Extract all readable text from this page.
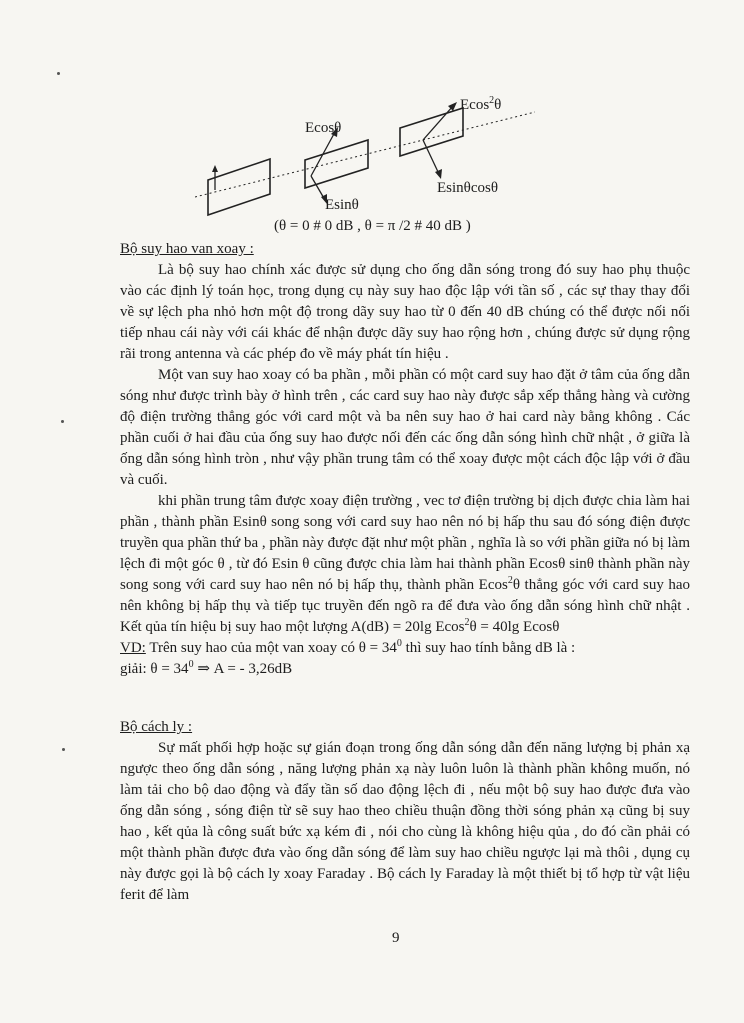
Ecosθ
Esinθ
Ecos$^2$θ
Esinθcosθ
(θ = 0 # 0 dB , θ = π /2 # 40 dB )

Bộ suy hao van xoay :

Là bộ suy hao chính xác được sử dụng cho ống dẫn sóng trong đó suy hao phụ thuộc vào các định lý toán học, trong dụng cụ này suy hao độc lập với tần số , các sự thay thay đổi về sự lệch pha nhỏ hơn một độ trong dãy suy hao từ 0 đến 40 dB chúng có thể được nối nối tiếp nhau cái này với cái khác để nhận được dãy suy hao rộng hơn , chúng được sử dụng rộng rãi trong antenna và các phép đo về máy phát tín hiệu .

Một van suy hao xoay có ba phần , mỗi phần có một card suy hao đặt ở tâm của ống dẫn sóng như được trình bày ở hình trên , các card suy hao này được sắp xếp thẳng hàng và cường độ điện trường thẳng góc với card một và ba nên suy hao ở hai card này bằng không . Các phần cuối ở hai đầu của ống suy hao được nối đến các ống dẫn sóng hình chữ nhật , ở giữa là ống dẫn sóng hình tròn , như vậy phần trung tâm có thể xoay được một cách độc lập với ở đầu và cuối.

khi phần trung tâm được xoay điện trường , vec tơ điện trường bị dịch được chia làm hai phần , thành phần Esinθ song song với card suy hao nên nó bị hấp thu sau đó sóng điện được truyền qua phần thứ ba , phần này được đặt như một phần , nghĩa là so với phần giữa nó bị làm lệch đi một góc θ , từ đó Esin θ cũng được chia làm hai thành phần Ecosθ sinθ thành phần này song song với card suy hao nên nó bị hấp thụ, thành phần Ecos$^2$θ thẳng góc với card suy hao nên không bị hấp thụ và tiếp tục truyền đến ngõ ra để đưa vào ống dẫn sóng hình chữ nhật . Kết qủa tín hiệu bị suy hao một lượng A(dB) = 20lg Ecos$^2$θ = 40lg Ecosθ

VD: Trên suy hao của một van xoay có $\theta = 34^0$ thì suy hao tính bằng dB là :

giải: $\theta = 34^0$ ⇒ A = - 3,26dB

Bộ cách ly :

Sự mất phối hợp hoặc sự gián đoạn trong ống dẫn sóng dẫn đến năng lượng bị phản xạ ngược theo ống dẫn sóng , năng lượng phản xạ này luôn luôn là thành phần không muốn, nó làm tải cho bộ dao động và đẩy tần số dao động lệch đi , nếu một bộ suy hao được đưa vào ống dẫn sóng , sóng điện từ sẽ suy hao theo chiều thuận đồng thời sóng phản xạ cũng bị suy hao , kết qủa là công suất bức xạ kém đi , nói cho cùng là không hiệu qủa , do đó cần phải có một thành phần được đưa vào ống dẫn sóng để làm suy hao chiều ngược lại mà thôi , dụng cụ này được gọi là bộ cách ly xoay Faraday . Bộ cách ly Faraday là một thiết bị tổ hợp từ vật liệu ferit để làm

9
